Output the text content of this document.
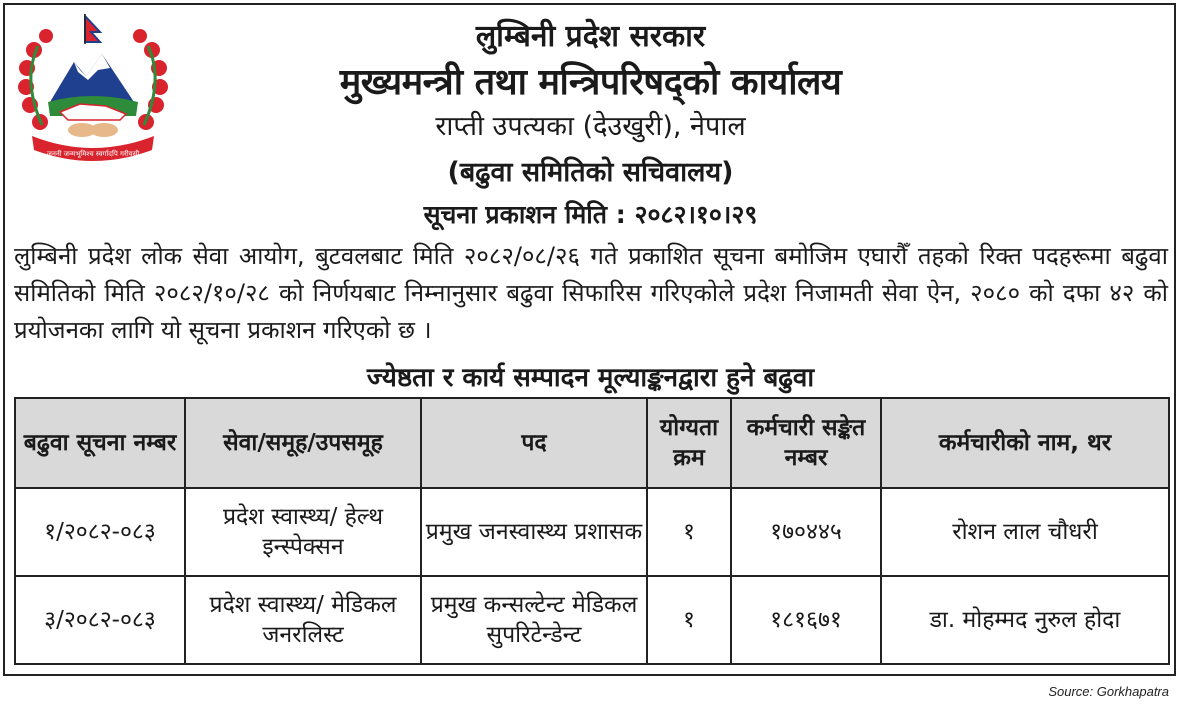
जननी जन्मभूमिश्च स्वर्गादपि गरीयसी
लुम्बिनी प्रदेश सरकार
मुख्यमन्त्री तथा मन्त्रिपरिषद्को कार्यालय
राप्ती उपत्यका (देउखुरी), नेपाल
(बढुवा समितिको सचिवालय)
सूचना प्रकाशन मिति : २०८२।१०।२९
लुम्बिनी प्रदेश लोक सेवा आयोग, बुटवलबाट मिति २०८२/०८/२६ गते प्रकाशित सूचना बमोजिम एघारौँ तहको रिक्त पदहरूमा बढुवा समितिको मिति २०८२/१०/२८ को निर्णयबाट निम्नानुसार बढुवा सिफारिस गरिएकोले प्रदेश निजामती सेवा ऐन, २०८० को दफा ४२ को प्रयोजनका लागि यो सूचना प्रकाशन गरिएको छ ।
ज्येष्ठता र कार्य सम्पादन मूल्याङ्कनद्वारा हुने बढुवा
बढुवा सूचना नम्बर	सेवा/समूह/उपसमूह	पद	योग्यता क्रम	कर्मचारी सङ्केत नम्बर	कर्मचारीको नाम, थर
१/२०८२-०८३	प्रदेश स्वास्थ्य/ हेल्थ इन्स्पेक्सन	प्रमुख जनस्वास्थ्य प्रशासक	१	१७०४४५	रोशन लाल चौधरी
३/२०८२-०८३	प्रदेश स्वास्थ्य/ मेडिकल जनरलिस्ट	प्रमुख कन्सल्टेन्ट मेडिकल सुपरिटेन्डेन्ट	१	१८१६७१	डा. मोहम्मद नुरुल होदा
Source: Gorkhapatra
